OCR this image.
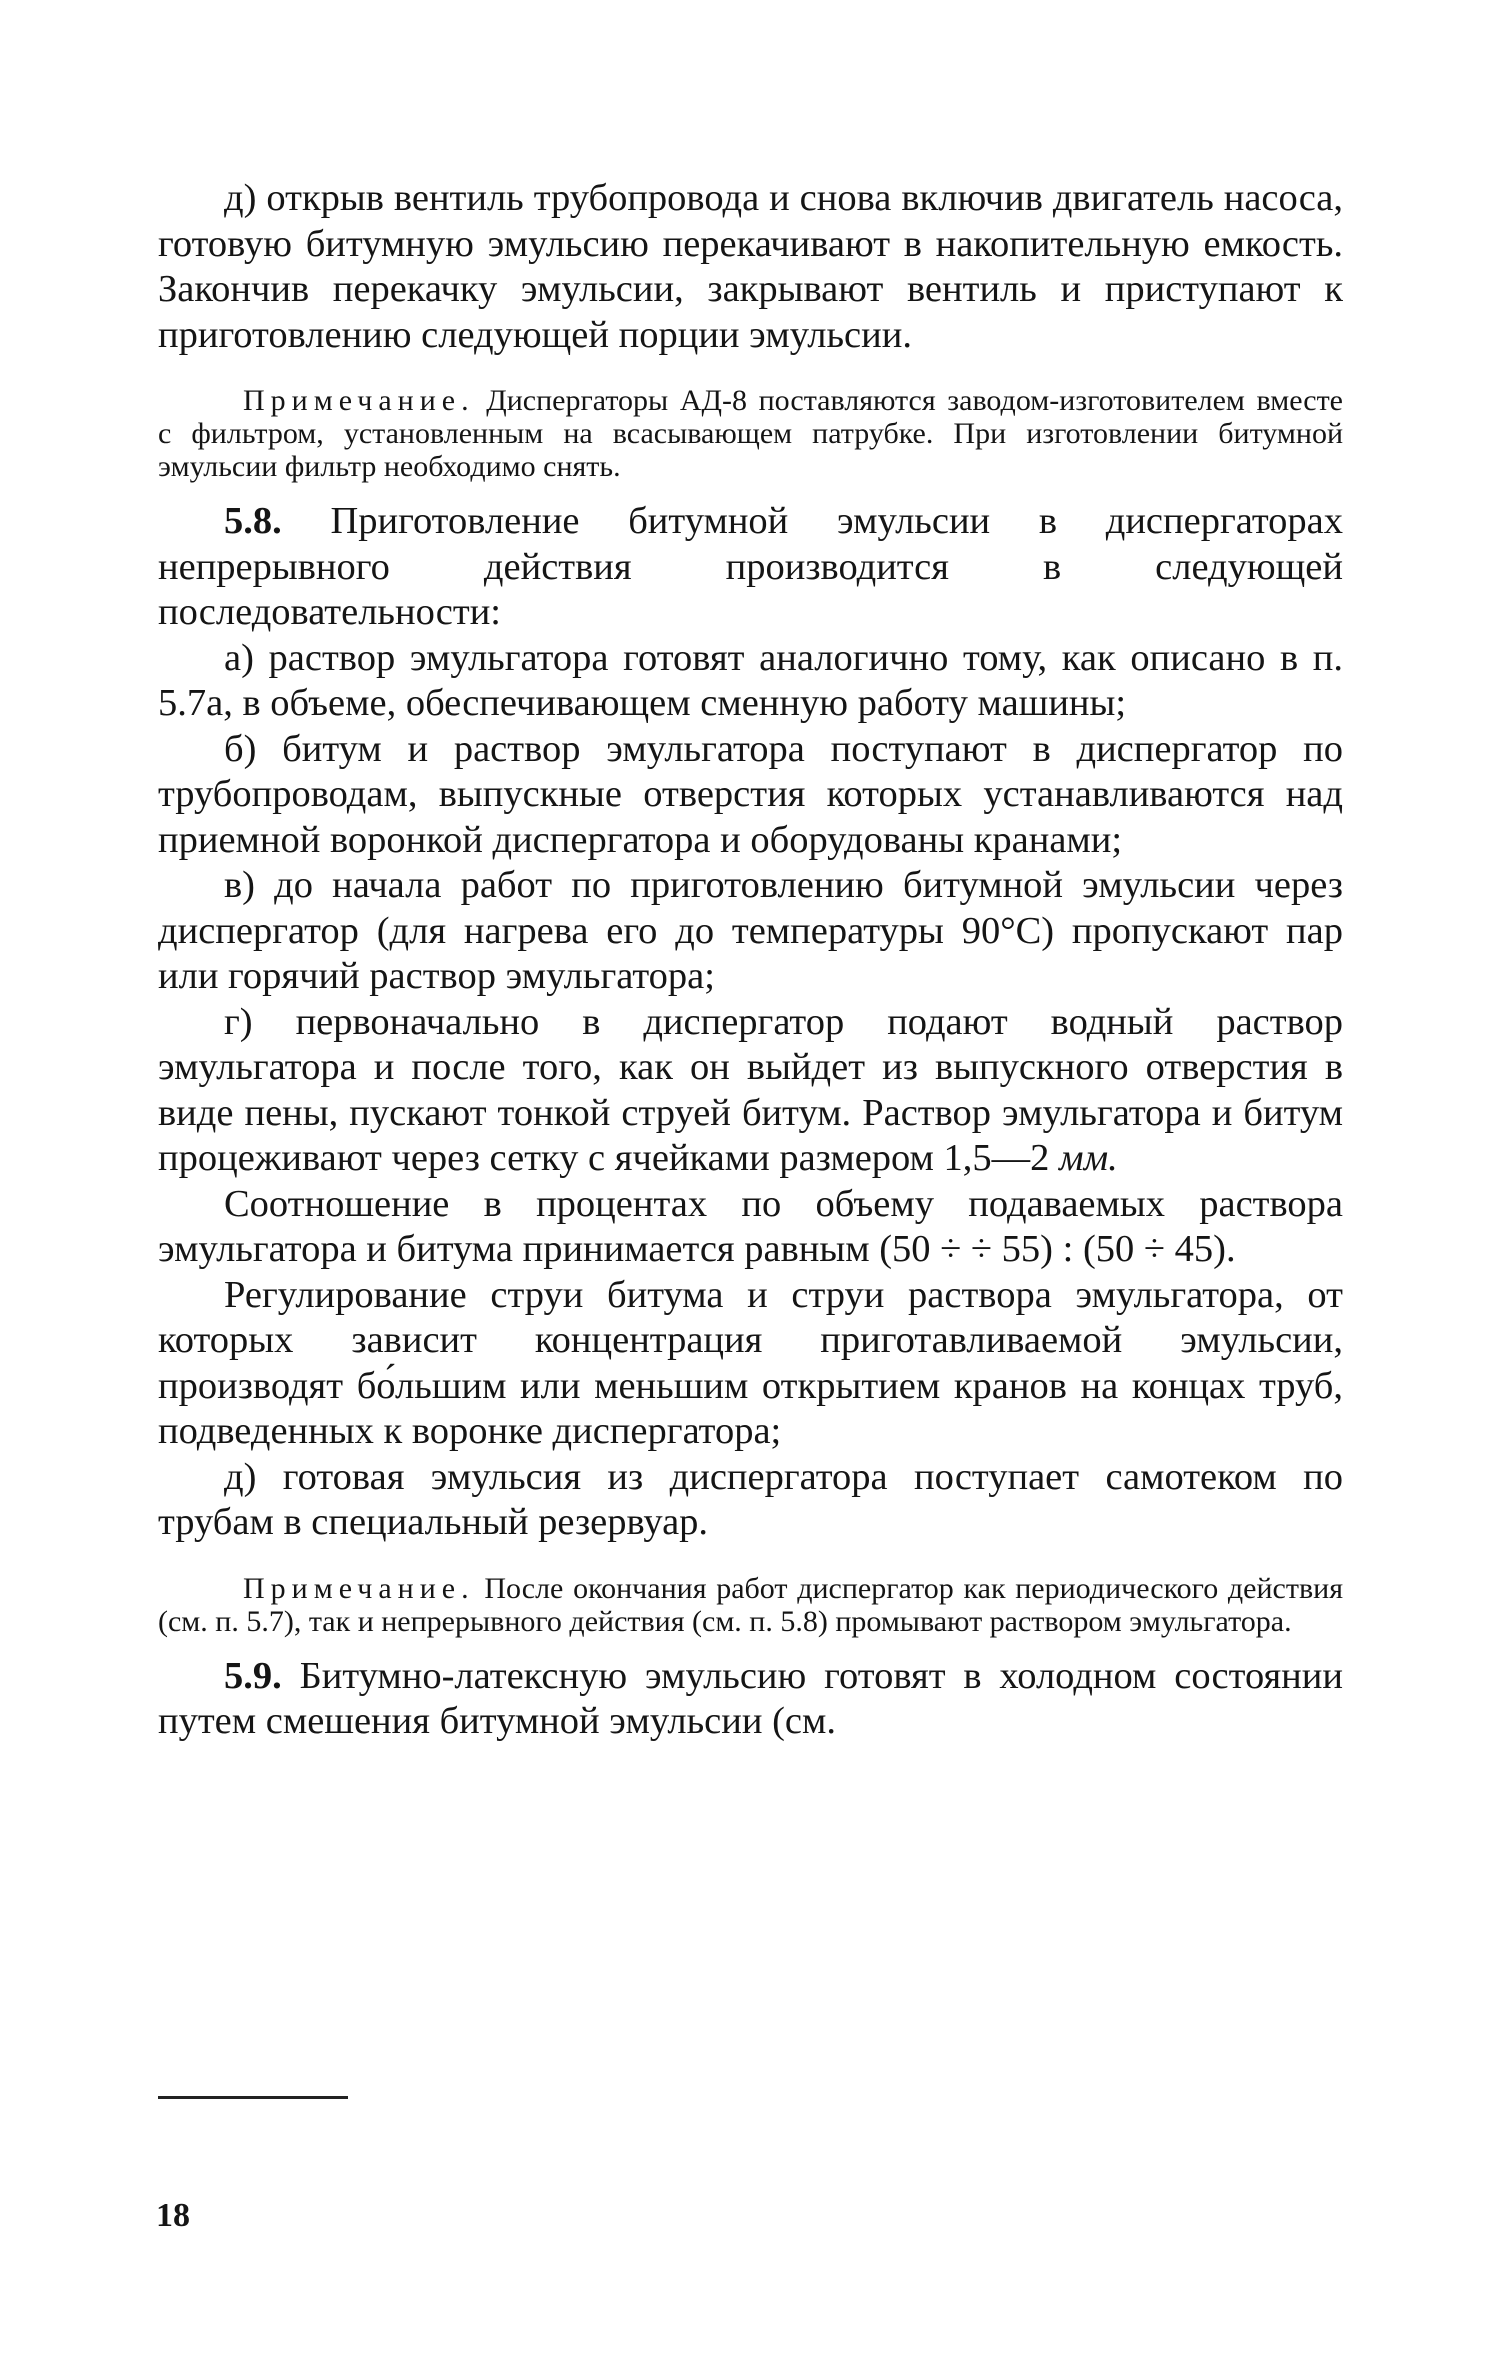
д) открыв вентиль трубопровода и снова включив двигатель насоса, готовую битумную эмульсию перекачивают в накопительную емкость. Закончив перекачку эмульсии, закрывают вентиль и приступают к приготовлению следующей порции эмульсии.

Примечание. Диспергаторы АД-8 поставляются заводом-изготовителем вместе с фильтром, установленным на всасывающем патрубке. При изготовлении битумной эмульсии фильтр необходимо снять.

5.8. Приготовление битумной эмульсии в диспергаторах непрерывного действия производится в следующей последовательности:

а) раствор эмульгатора готовят аналогично тому, как описано в п. 5.7а, в объеме, обеспечивающем сменную работу машины;

б) битум и раствор эмульгатора поступают в диспергатор по трубопроводам, выпускные отверстия которых устанавливаются над приемной воронкой диспергатора и оборудованы кранами;

в) до начала работ по приготовлению битумной эмульсии через диспергатор (для нагрева его до температуры 90°С) пропускают пар или горячий раствор эмульгатора;

г) первоначально в диспергатор подают водный раствор эмульгатора и после того, как он выйдет из выпускного отверстия в виде пены, пускают тонкой струей битум. Раствор эмульгатора и битум процеживают через сетку с ячейками размером 1,5—2 мм.

Соотношение в процентах по объему подаваемых раствора эмульгатора и битума принимается равным (50 ÷ ÷ 55) : (50 ÷ 45).

Регулирование струи битума и струи раствора эмульгатора, от которых зависит концентрация приготавливаемой эмульсии, производят бо́льшим или меньшим открытием кранов на концах труб, подведенных к воронке диспергатора;

д) готовая эмульсия из диспергатора поступает самотеком по трубам в специальный резервуар.

Примечание. После окончания работ диспергатор как периодического действия (см. п. 5.7), так и непрерывного действия (см. п. 5.8) промывают раствором эмульгатора.

5.9. Битумно-латексную эмульсию готовят в холодном состоянии путем смешения битумной эмульсии (см.

18
